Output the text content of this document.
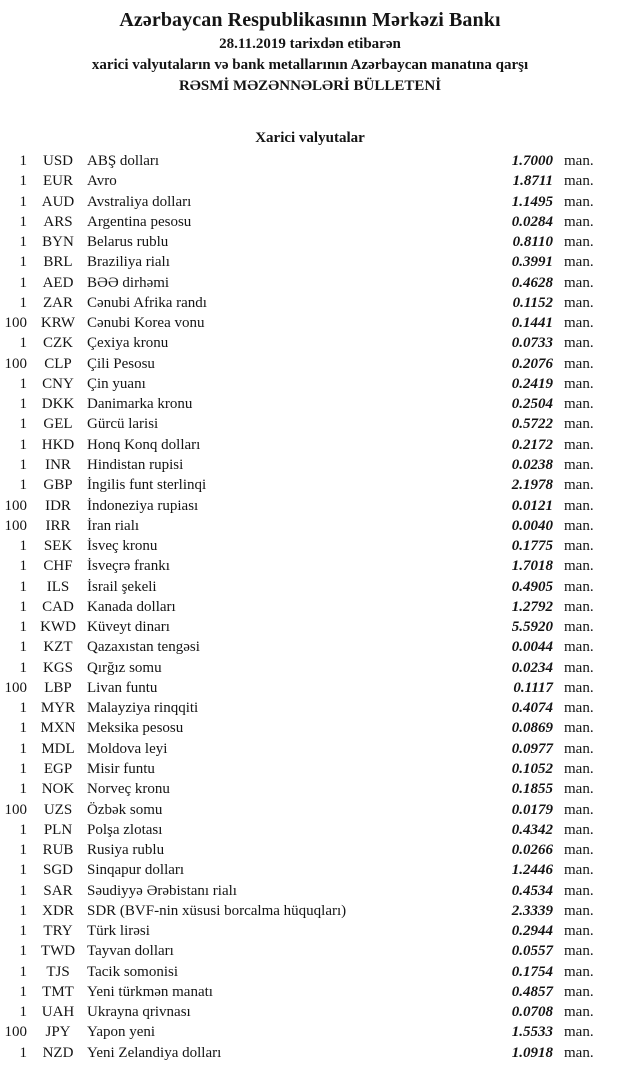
Azərbaycan Respublikasının Mərkəzi Bankı
28.11.2019 tarixdən etibarən
xarici valyutaların və bank metallarının Azərbaycan manatına qarşı
RƏSMİ MƏZƏNNƏLƏRİ BÜLLETENİ
Xarici valyutalar
1	USD ABŞ dolları	1.7000 man.
1	EUR Avro	1.8711 man.
1 AUD Avstraliya dolları	1.1495 man.
1	ARS Argentina pesosu	0.0284 man.
1	BYN Belarus rublu	0.8110 man.
1	BRL Braziliya rialı	0.3991 man.
1	AED BƏƏ dirhəmi	0.4628 man.
1	ZAR Cənubi Afrika randı	0.1152 man.
100 KRW Cənubi Korea vonu	0.1441 man.
1	CZK Çexiya kronu	0.0733 man.
100	CLP	Çili Pesosu	0.2076 man.
1	CNY Çin yuanı	0.2419 man.
1 DKK Danimarka kronu	0.2504 man.
1	GEL Gürcü larisi	0.5722 man.
1 HKD Honq Konq dolları	0.2172 man.
1	INR	Hindistan rupisi	0.0238 man.
1	GBP İngilis funt sterlinqi	2.1978 man.
100	IDR	İndoneziya rupiası	0.0121 man.
100	IRR	İran rialı	0.0040 man.
1	SEK İsveç kronu	0.1775 man.
1	CHF İsveçrə frankı	1.7018 man.
1	ILS	İsrail şekeli	0.4905 man.
1	CAD Kanada dolları	1.2792 man.
1 KWD Küveyt dinarı	5.5920 man.
1	KZT Qazaxıstan tengəsi	0.0044 man.
1	KGS Qırğız somu	0.0234 man.
100	LBP	Livan funtu	0.1117 man.
1 MYR Malayziya rinqqiti	0.4074 man.
1 MXN Meksika pesosu	0.0869 man.
1 MDL Moldova leyi	0.0977 man.
1	EGP Misir funtu	0.1052 man.
1 NOK Norveç kronu	0.1855 man.
100	UZS Özbək somu	0.0179 man.
1	PLN Polşa zlotası	0.4342 man.
1	RUB Rusiya rublu	0.0266 man.
1	SGD Sinqapur dolları	1.2446 man.
1	SAR Səudiyyə Ərəbistanı rialı	0.4534 man.
1	XDR SDR (BVF-nin xüsusi borcalma hüquqları)	2.3339 man.
1	TRY Türk lirəsi	0.2944 man.
1 TWD Tayvan dolları	0.0557 man.
1	TJS	Tacik somonisi	0.1754 man.
1	TMT Yeni türkmən manatı	0.4857 man.
1 UAH Ukrayna qrivnası	0.0708 man.
100	JPY	Yapon yeni	1.5533 man.
1	NZD Yeni Zelandiya dolları	1.0918 man.
